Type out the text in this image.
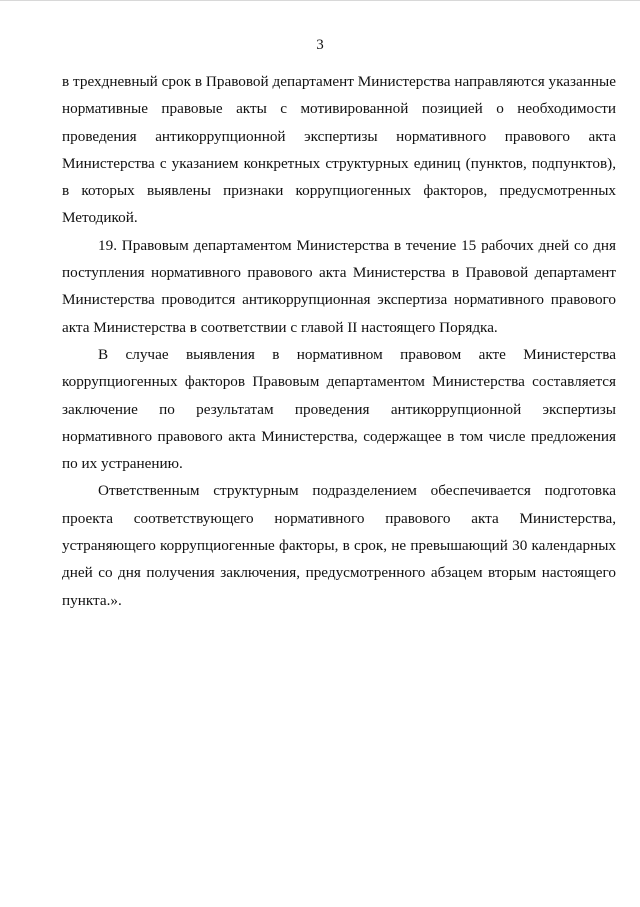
3

в трехдневный срок в Правовой департамент Министерства направляются указанные нормативные правовые акты с мотивированной позицией о необходимости проведения антикоррупционной экспертизы нормативного правового акта Министерства с указанием конкретных структурных единиц (пунктов, подпунктов), в которых выявлены признаки коррупциогенных факторов, предусмотренных Методикой.

19. Правовым департаментом Министерства в течение 15 рабочих дней со дня поступления нормативного правового акта Министерства в Правовой департамент Министерства проводится антикоррупционная экспертиза нормативного правового акта Министерства в соответствии с главой II настоящего Порядка.

В случае выявления в нормативном правовом акте Министерства коррупциогенных факторов Правовым департаментом Министерства составляется заключение по результатам проведения антикоррупционной экспертизы нормативного правового акта Министерства, содержащее в том числе предложения по их устранению.

Ответственным структурным подразделением обеспечивается подготовка проекта соответствующего нормативного правового акта Министерства, устраняющего коррупциогенные факторы, в срок, не превышающий 30 календарных дней со дня получения заключения, предусмотренного абзацем вторым настоящего пункта.».
